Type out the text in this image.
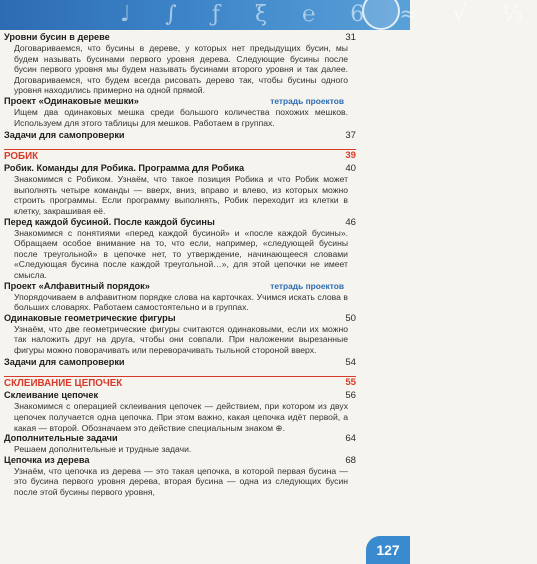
♩ ∫ ƒ ξ ℮ 6 ≈ √ ⅓
Уровни бусин в дереве	31
Договариваемся, что бусины в дереве, у которых нет предыдущих бусин, мы будем называть бусинами первого уровня дерева. Следующие бусины после бусин первого уровня мы будем называть бусинами второго уровня и так далее. Договариваемся, что будем всегда рисовать дерево так, чтобы бусины одного уровня находились примерно на одной прямой.
Проект «Одинаковые мешки»	тетрадь проектов
Ищем два одинаковых мешка среди большого количества похожих мешков. Используем для этого таблицы для мешков. Работаем в группах.
Задачи для самопроверки	37
РОБИК	39
Робик. Команды для Робика. Программа для Робика	40
Знакомимся с Робиком. Узнаём, что такое позиция Робика и что Робик может выполнять четыре команды — вверх, вниз, вправо и влево, из которых можно строить программы. Если программу выполнять, Робик переходит из клетки в клетку, закрашивая её.
Перед каждой бусиной. После каждой бусины	46
Знакомимся с понятиями «перед каждой бусиной» и «после каждой бусины». Обращаем особое внимание на то, что если, например, «следующей бусины после треугольной» в цепочке нет, то утверждение, начинающееся словами «Следующая бусина после каждой треугольной…», для этой цепочки не имеет смысла.
Проект «Алфавитный порядок»	тетрадь проектов
Упорядочиваем в алфавитном порядке слова на карточках. Учимся искать слова в больших словарях. Работаем самостоятельно и в группах.
Одинаковые геометрические фигуры	50
Узнаём, что две геометрические фигуры считаются одинаковыми, если их можно так наложить друг на друга, чтобы они совпали. При наложении вырезанные фигуры можно поворачивать или переворачивать тыльной стороной вверх.
Задачи для самопроверки	54
СКЛЕИВАНИЕ ЦЕПОЧЕК	55
Склеивание цепочек	56
Знакомимся с операцией склеивания цепочек — действием, при котором из двух цепочек получается одна цепочка. При этом важно, какая цепочка идёт первой, а какая — второй. Обозначаем это действие специальным знаком ⊕.
Дополнительные задачи	64
Решаем дополнительные и трудные задачи.
Цепочка из дерева	68
Узнаём, что цепочка из дерева — это такая цепочка, в которой первая бусина — это бусина первого уровня дерева, вторая бусина — одна из следующих бусин после этой бусины первого уровня,
127
